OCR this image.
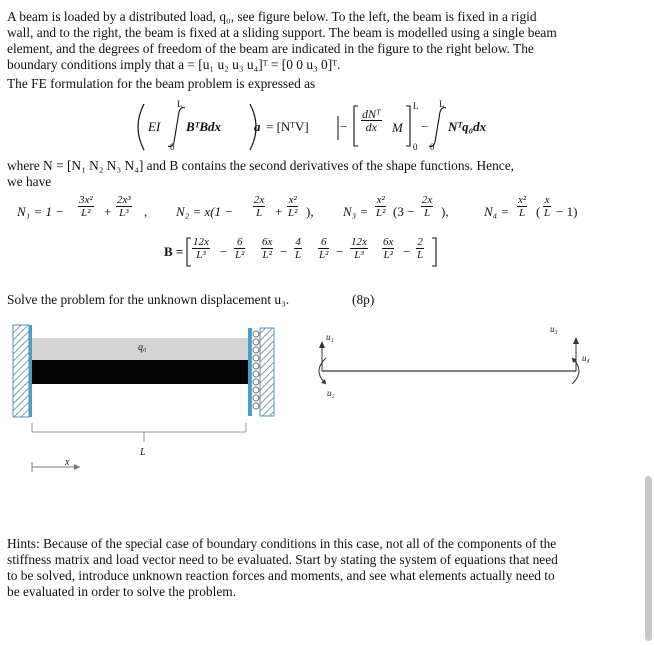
A beam is loaded by a distributed load, q₀, see figure below. To the left, the beam is fixed in a rigid
wall, and to the right, the beam is fixed at a sliding support. The beam is modelled using a single beam
element, and the degrees of freedom of the beam are indicated in the figure to the right below. The
boundary conditions imply that a = [u₁ u₂ u₃ u₄]ᵀ = [0 0 u₃ 0]ᵀ.
The FE formulation for the beam problem is expressed as
EI
L
0
BᵀBdx	a = [NᵀV] − $\frac{\text{dNᵀ}}{dx}$ M
L
0
−
L
0
Nᵀq₀dx
where N = [N₁ N₂ N₃ N₄] and B contains the second derivatives of the shape functions. Hence,
we have
$N_1 = 1 - \frac{\text{3x²}}{\text{L²}} + \frac{\text{2x³}}{\text{L³}}$ , $N_2 = x(1 - \frac{2x}{L} + \frac{\text{x²}}{\text{L²}}$ ), $N_3 = \frac{\text{x²}}{\text{L²}} (3 - \frac{2x}{L}$ ),	$N_4 = \frac{\text{x²}}{L}$ ( $\frac{x}{L} - 1$)
$B = \frac{12x}{\text{L³}} - \frac{6}{\text{L²}} \frac{6x}{\text{L²}} - \frac{4}{L} \frac{6}{\text{L²}} - \frac{12x}{\text{L³}} \frac{6x}{\text{L²}} - \frac{2}{L}$
Solve the problem for the unknown displacement u₃.	(8p)
q₀
L
x
u₁
u₂
u₃
u₄
Hints: Because of the special case of boundary conditions in this case, not all of the components of the
stiffness matrix and load vector need to be evaluated. Start by stating the system of equations that need
to be solved, introduce unknown reaction forces and moments, and see what elements actually need to
be evaluated in order to solve the problem.
